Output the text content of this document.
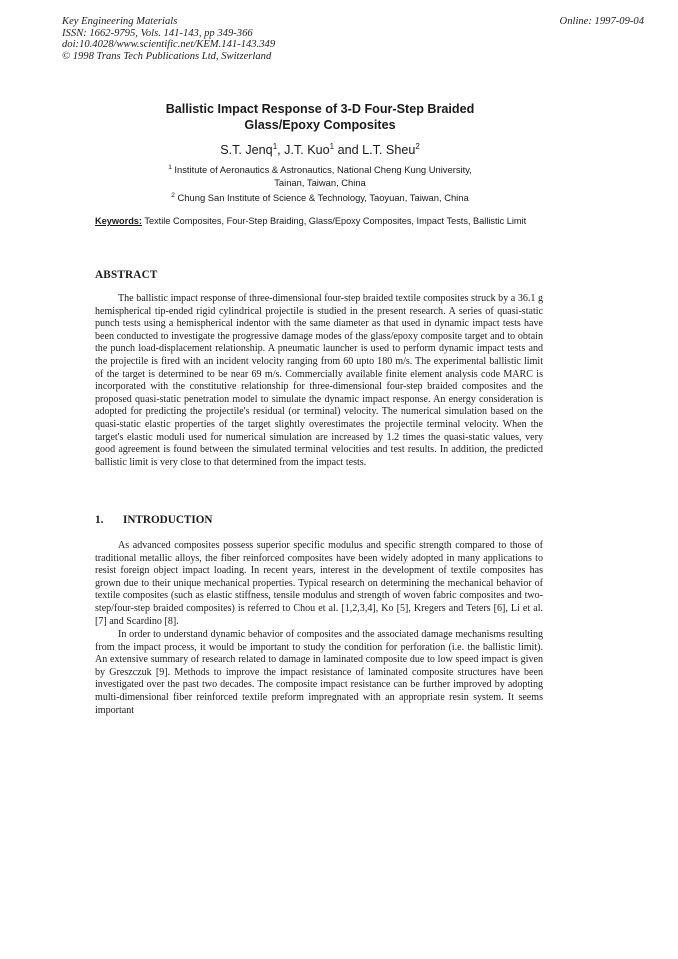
Key Engineering Materials
ISSN: 1662-9795, Vols. 141-143, pp 349-366
doi:10.4028/www.scientific.net/KEM.141-143.349
© 1998 Trans Tech Publications Ltd, Switzerland
Online: 1997-09-04
Ballistic Impact Response of 3-D Four-Step Braided
Glass/Epoxy Composites
S.T. Jenq$^1$, J.T. Kuo$^1$ and L.T. Sheu$^2$
$^1$ Institute of Aeronautics & Astronautics, National Cheng Kung University,
Tainan, Taiwan, China
$^2$ Chung San Institute of Science & Technology, Taoyuan, Taiwan, China
Keywords: Textile Composites, Four-Step Braiding, Glass/Epoxy Composites, Impact Tests, Ballistic Limit
ABSTRACT
The ballistic impact response of three-dimensional four-step braided textile composites struck by a 36.1 g hemispherical tip-ended rigid cylindrical projectile is studied in the present research. A series of quasi-static punch tests using a hemispherical indentor with the same diameter as that used in dynamic impact tests have been conducted to investigate the progressive damage modes of the glass/epoxy composite target and to obtain the punch load-displacement relationship. A pneumatic launcher is used to perform dynamic impact tests and the projectile is fired with an incident velocity ranging from 60 upto 180 m/s. The experimental ballistic limit of the target is determined to be near 69 m/s. Commercially available finite element analysis code MARC is incorporated with the constitutive relationship for three-dimensional four-step braided composites and the proposed quasi-static penetration model to simulate the dynamic impact response. An energy consideration is adopted for predicting the projectile's residual (or terminal) velocity. The numerical simulation based on the quasi-static elastic properties of the target slightly overestimates the projectile terminal velocity. When the target's elastic moduli used for numerical simulation are increased by 1.2 times the quasi-static values, very good agreement is found between the simulated terminal velocities and test results. In addition, the predicted ballistic limit is very close to that determined from the impact tests.
1. INTRODUCTION
As advanced composites possess superior specific modulus and specific strength compared to those of traditional metallic alloys, the fiber reinforced composites have been widely adopted in many applications to resist foreign object impact loading. In recent years, interest in the development of textile composites has grown due to their unique mechanical properties. Typical research on determining the mechanical behavior of textile composites (such as elastic stiffness, tensile modulus and strength of woven fabric composites and two-step/four-step braided composites) is referred to Chou et al. [1,2,3,4], Ko [5], Kregers and Teters [6], Li et al. [7] and Scardino [8].
In order to understand dynamic behavior of composites and the associated damage mechanisms resulting from the impact process, it would be important to study the condition for perforation (i.e. the ballistic limit). An extensive summary of research related to damage in laminated composite due to low speed impact is given by Greszczuk [9]. Methods to improve the impact resistance of laminated composite structures have been investigated over the past two decades. The composite impact resistance can be further improved by adopting multi-dimensional fiber reinforced textile preform impregnated with an appropriate resin system. It seems important
